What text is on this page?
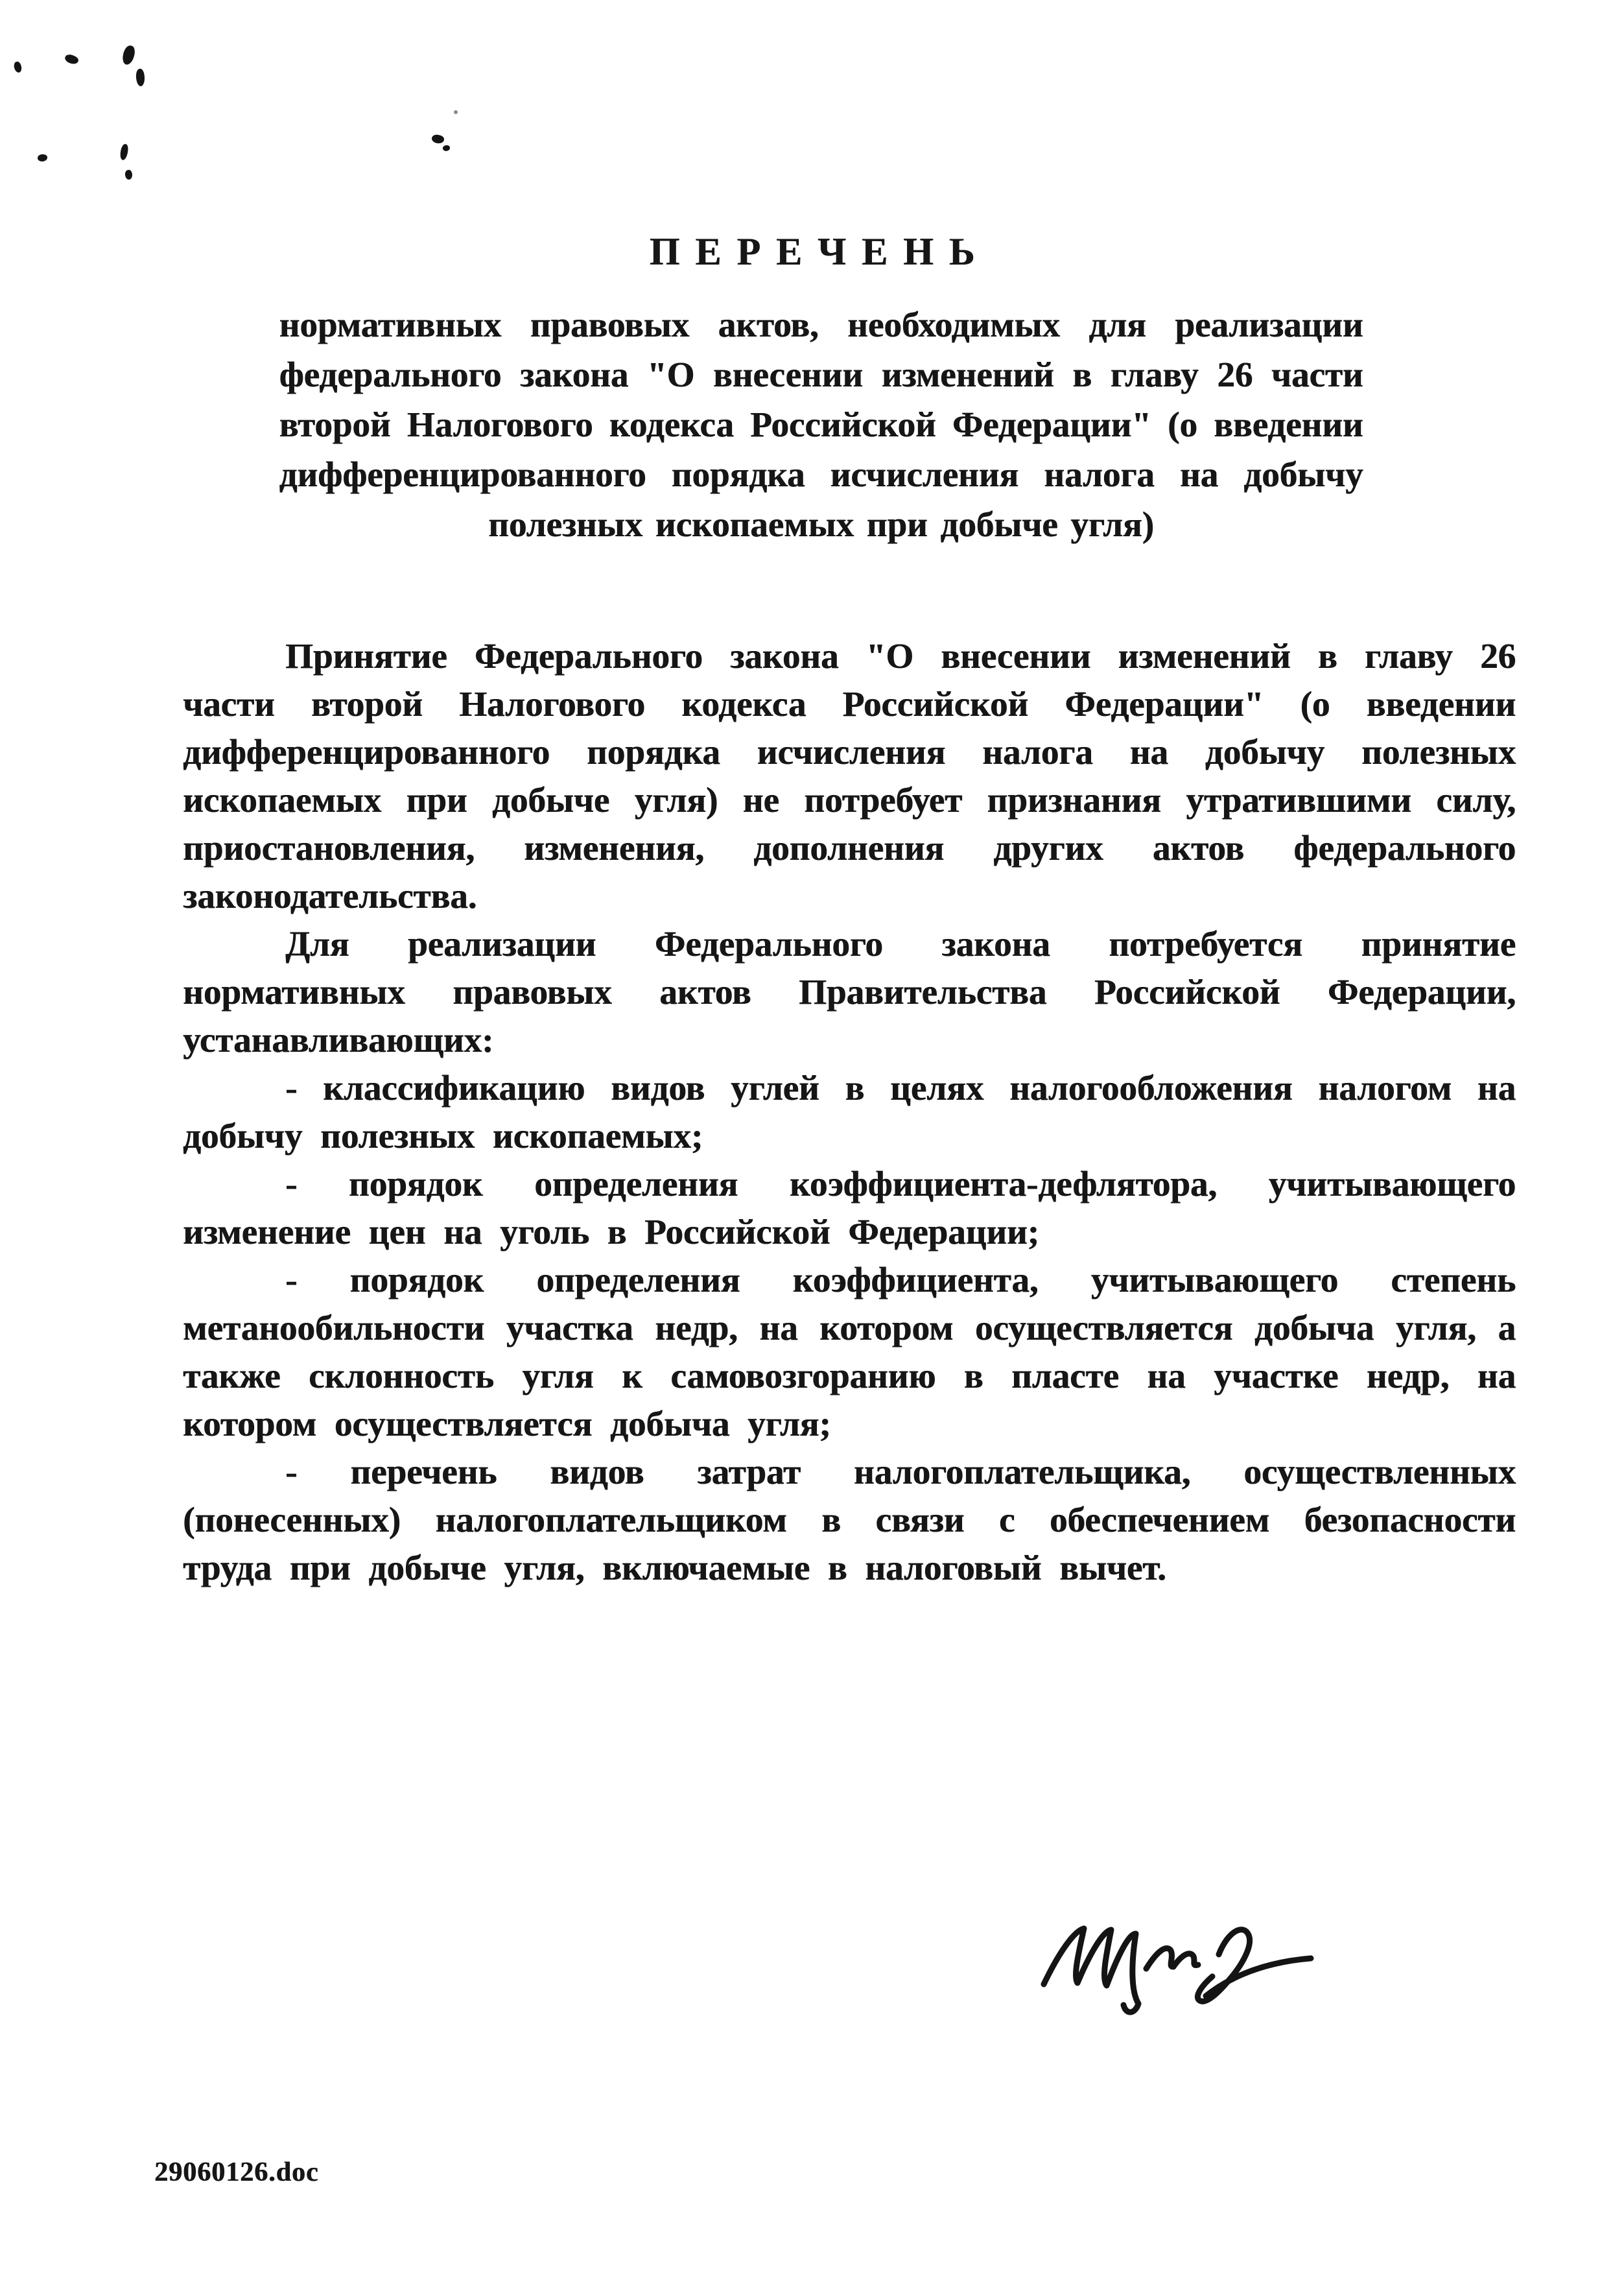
ПЕРЕЧЕНЬ
нормативных правовых актов, необходимых для реализации федерального закона "О внесении изменений в главу 26 части второй Налогового кодекса Российской Федерации" (о введении дифференцированного порядка исчисления налога на добычу полезных ископаемых при добыче угля)

Принятие Федерального закона "О внесении изменений в главу 26 части второй Налогового кодекса Российской Федерации" (о введении дифференцированного порядка исчисления налога на добычу полезных ископаемых при добыче угля) не потребует признания утратившими силу, приостановления, изменения, дополнения других актов федерального законодательства.

Для реализации Федерального закона потребуется принятие нормативных правовых актов Правительства Российской Федерации, устанавливающих:

- классификацию видов углей в целях налогообложения налогом на добычу полезных ископаемых;

- порядок определения коэффициента-дефлятора, учитывающего изменение цен на уголь в Российской Федерации;

- порядок определения коэффициента, учитывающего степень метанообильности участка недр, на котором осуществляется добыча угля, а также склонность угля к самовозгоранию в пласте на участке недр, на котором осуществляется добыча угля;

- перечень видов затрат налогоплательщика, осуществленных (понесенных) налогоплательщиком в связи с обеспечением безопасности труда при добыче угля, включаемые в налоговый вычет.

29060126.doc
